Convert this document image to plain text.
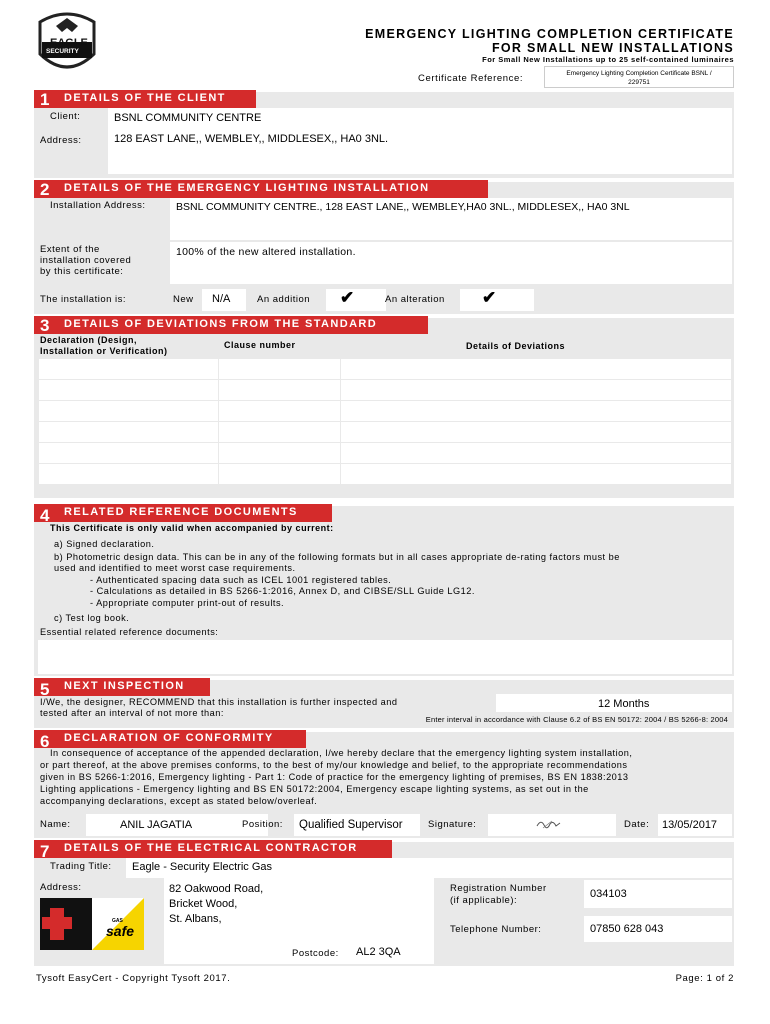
EAGLE
SECURITY
EMERGENCY LIGHTING COMPLETION CERTIFICATE
FOR SMALL NEW INSTALLATIONS
For Small New Installations up to 25 self-contained luminaires
Certificate Reference:	Emergency Lighting Completion Certificate BSNL /
229751
DETAILS OF THE CLIENT
1
Client:	BSNL COMMUNITY CENTRE
Address:	128 EAST LANE,, WEMBLEY,, MIDDLESEX,, HA0 3NL.
DETAILS OF THE EMERGENCY LIGHTING INSTALLATION
2
Installation Address:	BSNL COMMUNITY CENTRE., 128 EAST LANE,, WEMBLEY,HA0 3NL., MIDDLESEX,, HA0 3NL
Extent of the
installation covered
by this certificate:
100% of the new altered installation.
The installation is:	New N/A	An addition ✔	An alteration ✔
DETAILS OF DEVIATIONS FROM THE STANDARD
3
Declaration (Design,
Installation or Verification)
Clause number	Details of Deviations

RELATED REFERENCE DOCUMENTS
4
This Certificate is only valid when accompanied by current:
a) Signed declaration.
b) Photometric design data. This can be in any of the following formats but in all cases appropriate de-rating factors must be
used and identified to meet worst case requirements.
- Authenticated spacing data such as ICEL 1001 registered tables.
- Calculations as detailed in BS 5266-1:2016, Annex D, and CIBSE/SLL Guide LG12.
- Appropriate computer print-out of results.
c) Test log book.
Essential related reference documents:
NEXT INSPECTION
5
I/We, the designer, RECOMMEND that this installation is further inspected and
tested after an interval of not more than:
12 Months
Enter interval in accordance with Clause 6.2 of BS EN 50172: 2004 / BS 5266-8: 2004
DECLARATION OF CONFORMITY
6
In consequence of acceptance of the appended declaration, I/we hereby declare that the emergency lighting system installation,
or part thereof, at the above premises conforms, to the best of my/our knowledge and belief, to the appropriate recommendations
given in BS 5266-1:2016, Emergency lighting - Part 1: Code of practice for the emergency lighting of premises, BS EN 1838:2013
Lighting applications - Emergency lighting and BS EN 50172:2004, Emergency escape lighting systems, as set out in the
accompanying declarations, except as stated below/overleaf.
Name:	ANIL JAGATIA	Position: Qualified Supervisor	Signature:	Date: 13/05/2017
DETAILS OF THE ELECTRICAL CONTRACTOR
7
Trading Title: Eagle - Security Electric Gas
Address:	82 Oakwood Road,
Bricket Wood,
St. Albans,
Postcode: AL2 3QA
GAS
safe
Registration Number
(if applicable):
034103
Telephone Number:	07850 628 043
Tysoft EasyCert - Copyright Tysoft 2017.	Page: 1 of 2
